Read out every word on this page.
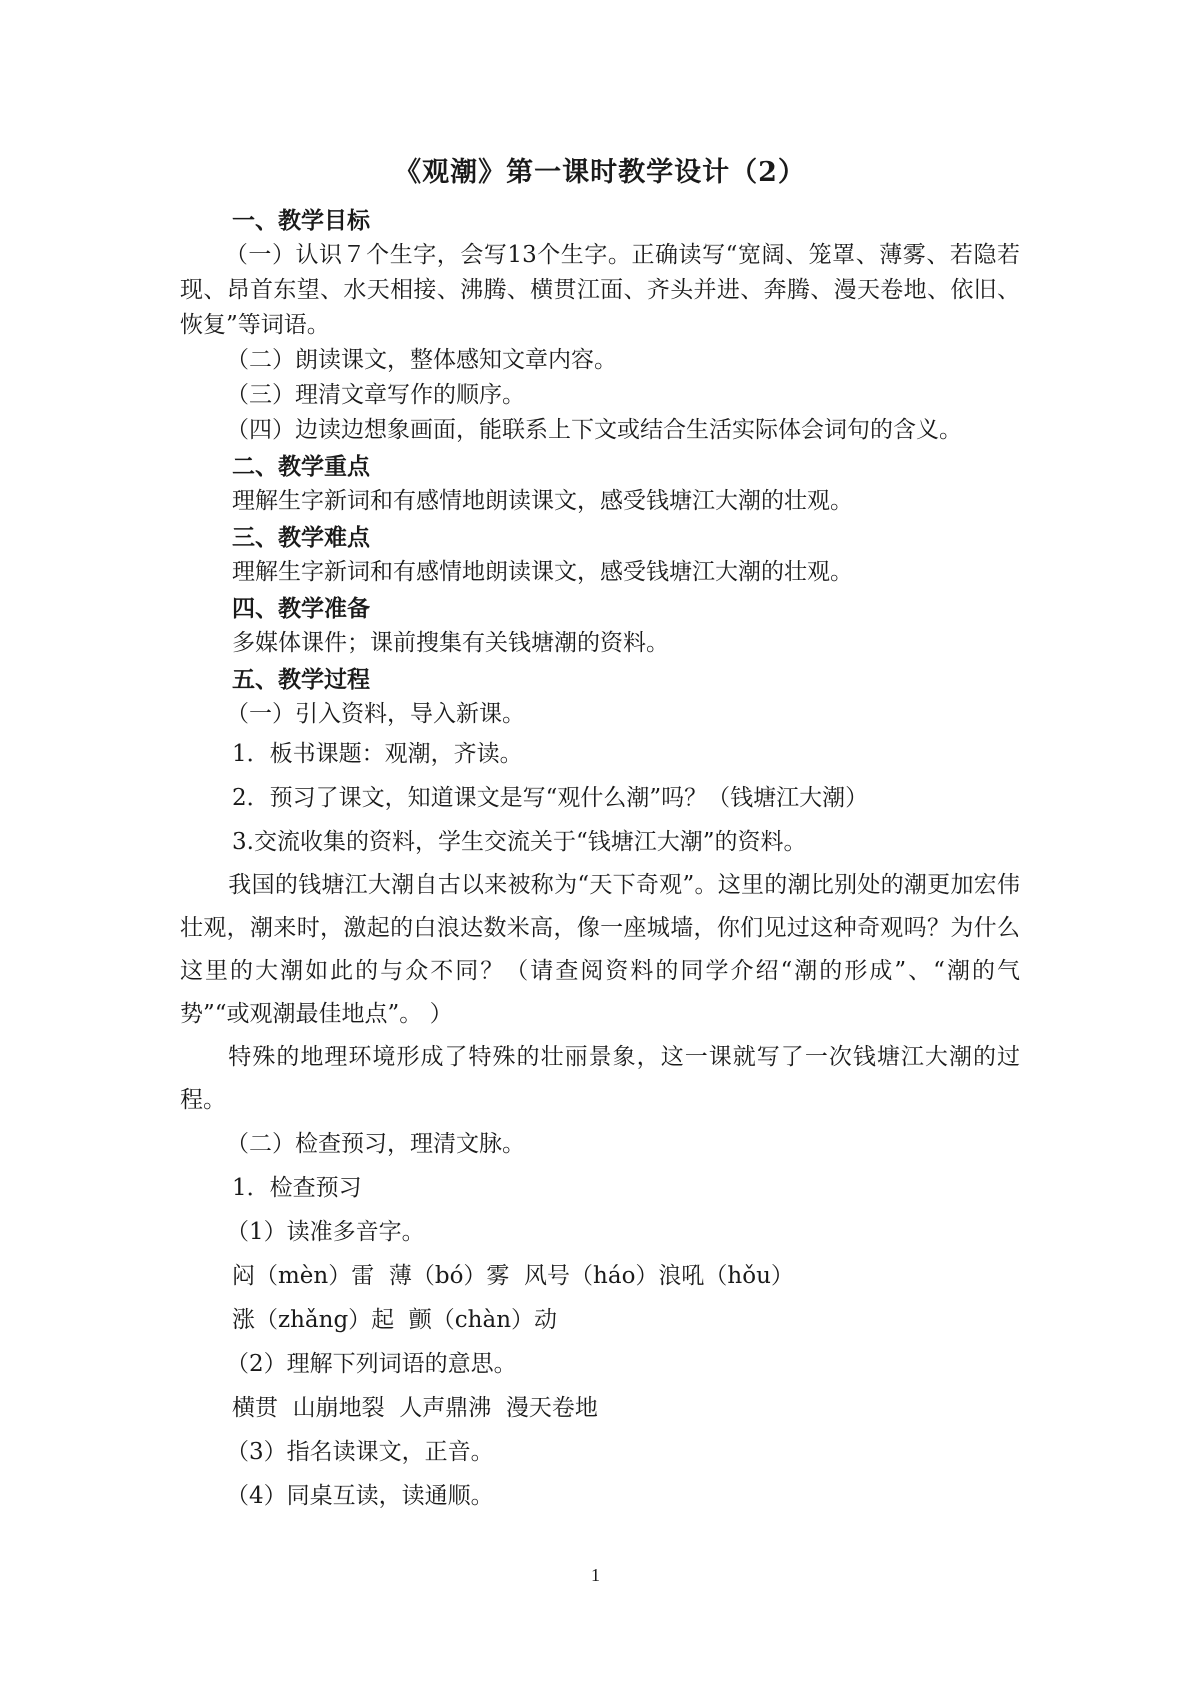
《观潮》第一课时教学设计（2）
一、教学目标
（一）认识７个生字，会写13个生字。正确读写“宽阔、笼罩、薄雾、若隐若现、昂首东望、水天相接、沸腾、横贯江面、齐头并进、奔腾、漫天卷地、依旧、恢复”等词语。
（二）朗读课文，整体感知文章内容。
（三）理清文章写作的顺序。
（四）边读边想象画面，能联系上下文或结合生活实际体会词句的含义。
二、教学重点
理解生字新词和有感情地朗读课文，感受钱塘江大潮的壮观。
三、教学难点
理解生字新词和有感情地朗读课文，感受钱塘江大潮的壮观。
四、教学准备
多媒体课件；课前搜集有关钱塘潮的资料。
五、教学过程
（一）引入资料，导入新课。
1．板书课题：观潮，齐读。
2．预习了课文，知道课文是写“观什么潮”吗？（钱塘江大潮）
3.交流收集的资料，学生交流关于“钱塘江大潮”的资料。
我国的钱塘江大潮自古以来被称为“天下奇观”。这里的潮比别处的潮更加宏伟壮观，潮来时，激起的白浪达数米高，像一座城墙，你们见过这种奇观吗？为什么这里的大潮如此的与众不同？（请查阅资料的同学介绍“潮的形成”、“潮的气势”“或观潮最佳地点”。 ）
特殊的地理环境形成了特殊的壮丽景象，这一课就写了一次钱塘江大潮的过程。
（二）检查预习，理清文脉。
1．检查预习
（1）读准多音字。
闷（mèn）雷  薄（bó）雾  风号（háo）浪吼（hǒu）
涨（zhǎng）起  颤（chàn）动
（2）理解下列词语的意思。
横贯  山崩地裂  人声鼎沸  漫天卷地
（3）指名读课文，正音。
（4）同桌互读，读通顺。
1
